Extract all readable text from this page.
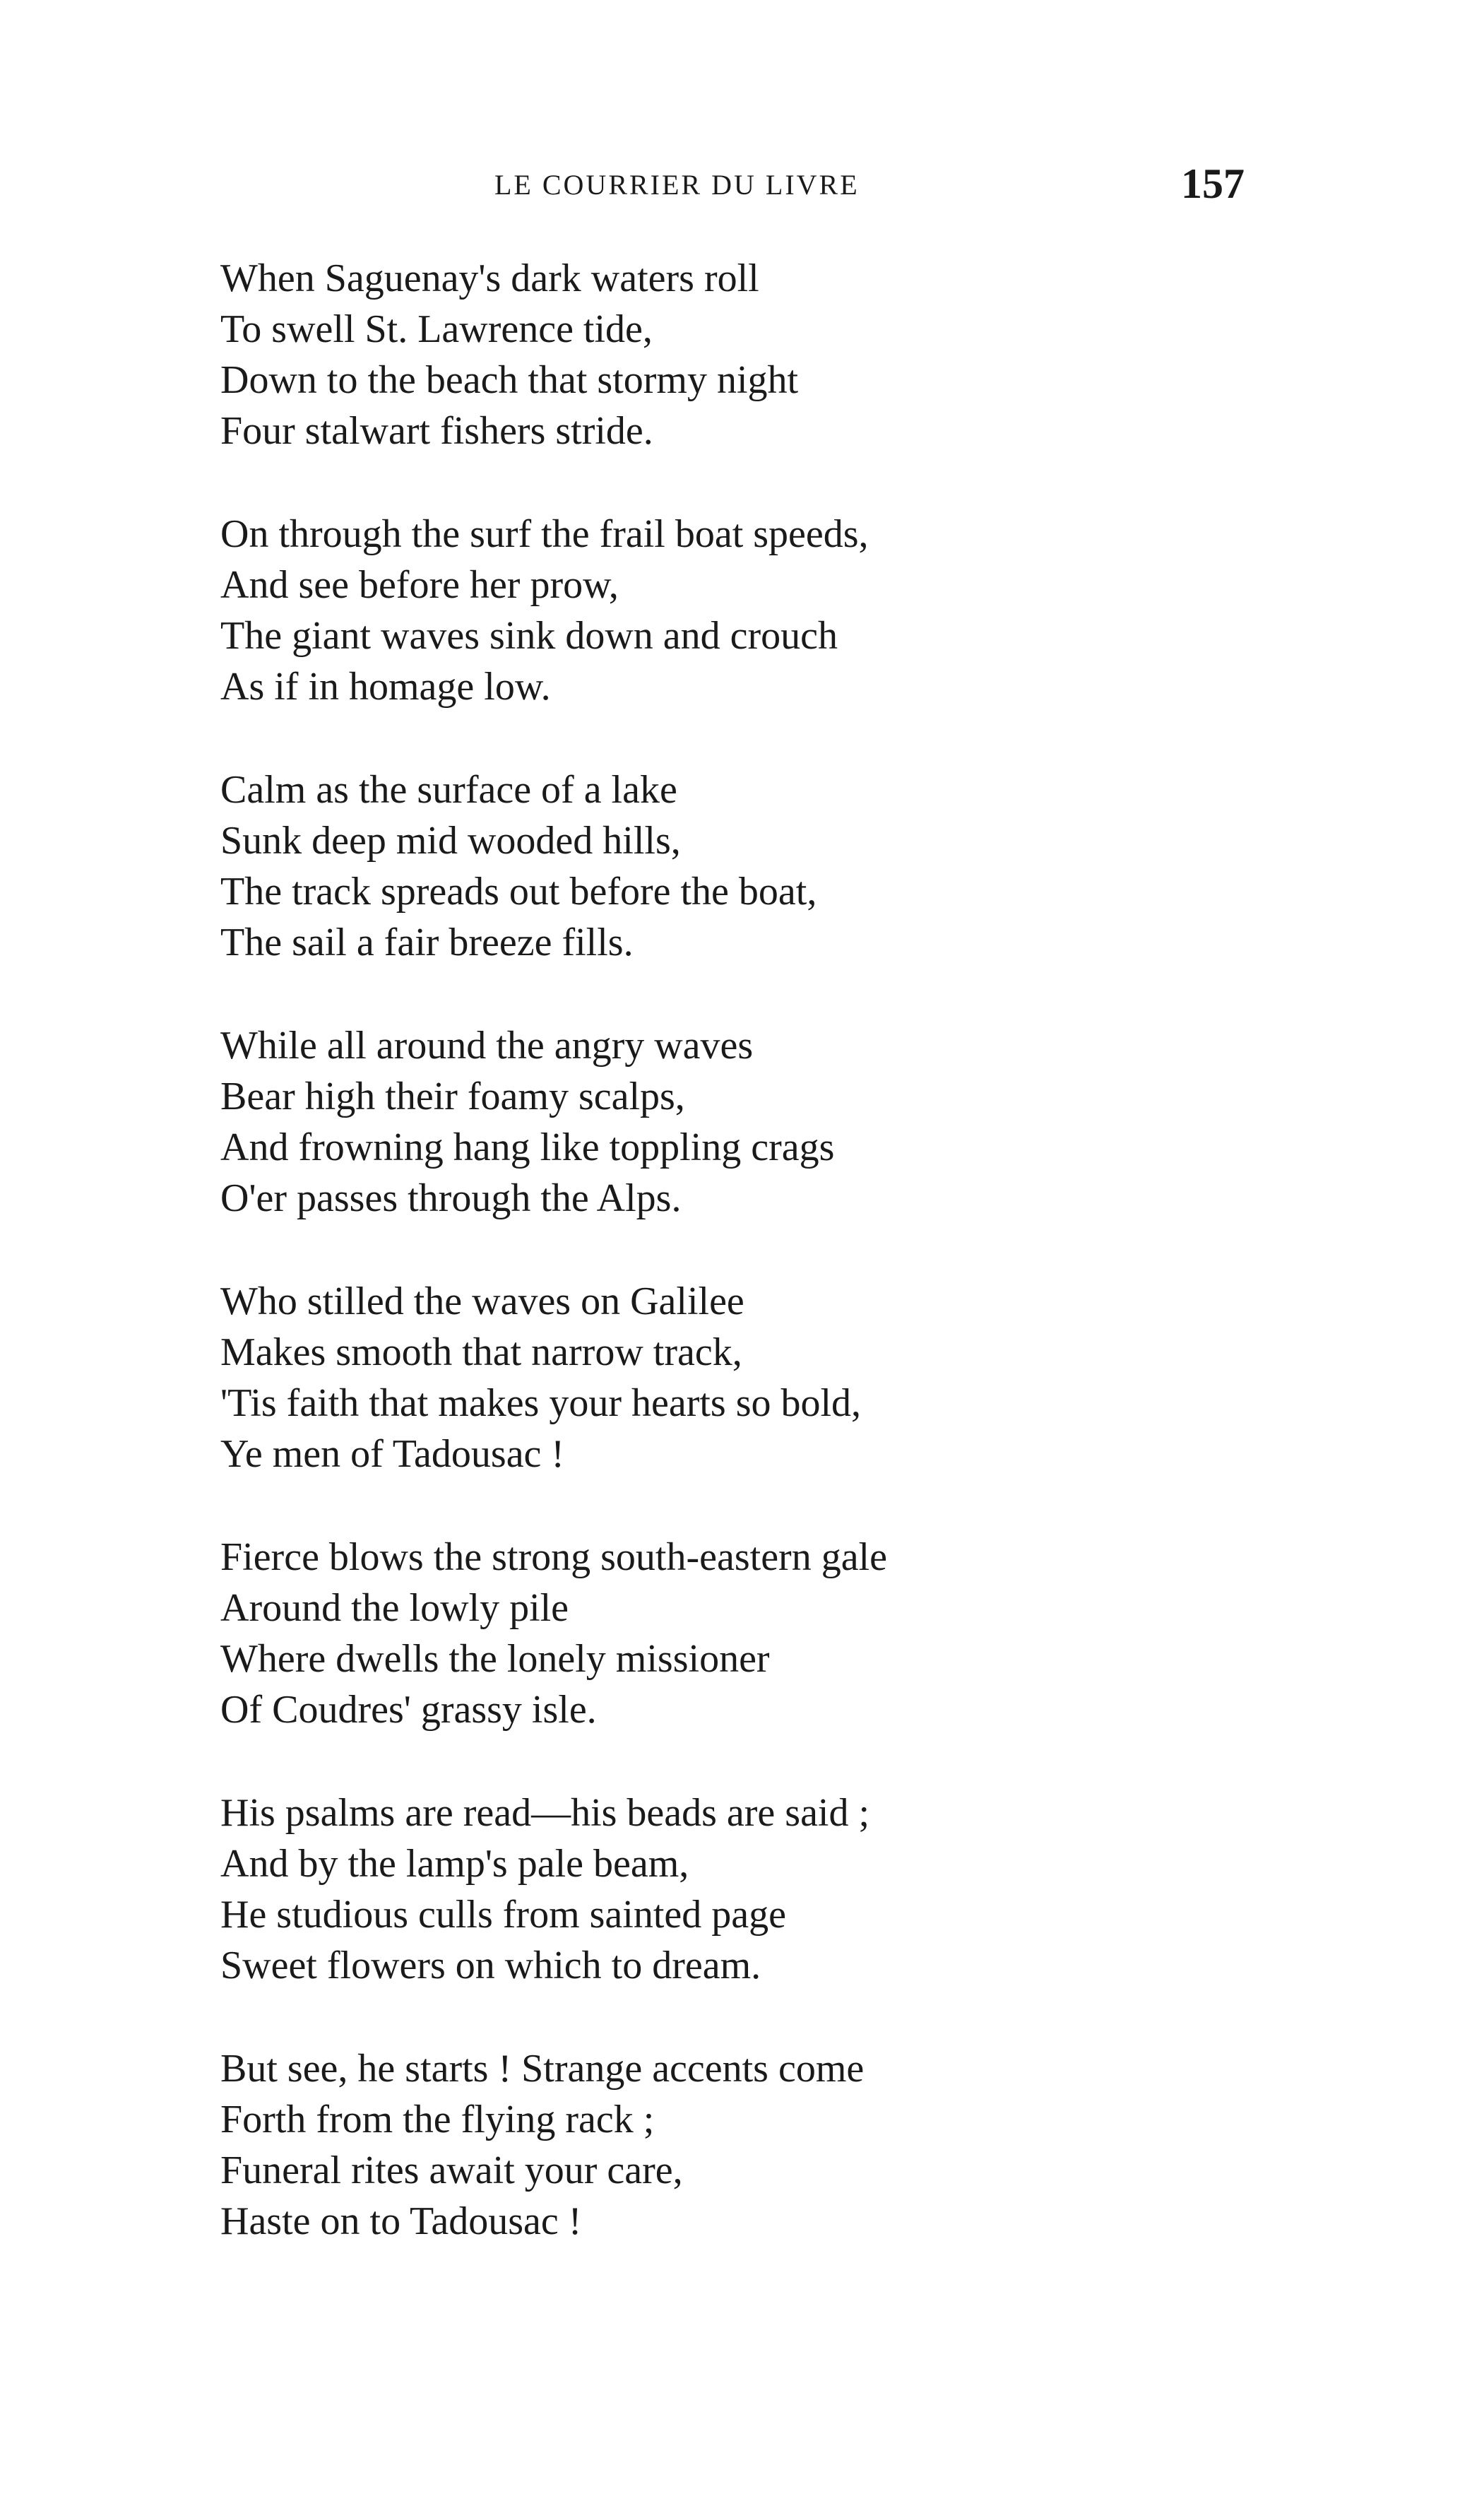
LE COURRIER DU LIVRE	157
When Saguenay's dark waters roll
To swell St. Lawrence tide,
Down to the beach that stormy night
Four stalwart fishers stride.
On through the surf the frail boat speeds,
And see before her prow,
The giant waves sink down and crouch
As if in homage low.
Calm as the surface of a lake
Sunk deep mid wooded hills,
The track spreads out before the boat,
The sail a fair breeze fills.
While all around the angry waves
Bear high their foamy scalps,
And frowning hang like toppling crags
O'er passes through the Alps.
Who stilled the waves on Galilee
Makes smooth that narrow track,
'Tis faith that makes your hearts so bold,
Ye men of Tadousac !
Fierce blows the strong south-eastern gale
Around the lowly pile
Where dwells the lonely missioner
Of Coudres' grassy isle.
His psalms are read—his beads are said ;
And by the lamp's pale beam,
He studious culls from sainted page
Sweet flowers on which to dream.
But see, he starts ! Strange accents come
Forth from the flying rack ;
Funeral rites await your care,
Haste on to Tadousac !
